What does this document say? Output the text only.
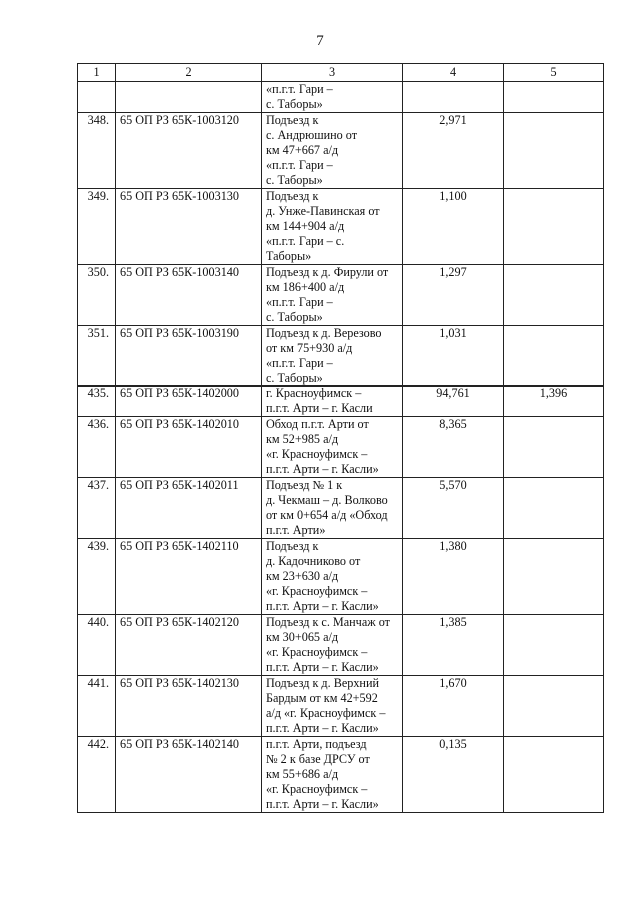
7
1	2	3	4	5

		«п.г.т. Гари –
с. Таборы»		

348.	65 ОП РЗ 65К-1003120	Подъезд к
с. Андрюшино от
км 47+667 а/д
«п.г.т. Гари –
с. Таборы»	2,971	
349.	65 ОП РЗ 65К-1003130	Подъезд к
д. Унже-Павинская от
км 144+904 а/д
«п.г.т. Гари – с.
Таборы»	1,100	
350.	65 ОП РЗ 65К-1003140	Подъезд к д. Фирули от
км 186+400 а/д
«п.г.т. Гари –
с. Таборы»	1,297	
351.	65 ОП РЗ 65К-1003190	Подъезд к д. Верезово
от км 75+930 а/д
«п.г.т. Гари –
с. Таборы»	1,031	
435.	65 ОП РЗ 65К-1402000	г. Красноуфимск –
п.г.т. Арти – г. Касли	94,761	1,396
436.	65 ОП РЗ 65К-1402010	Обход п.г.т. Арти от
км 52+985 а/д
«г. Красноуфимск –
п.г.т. Арти – г. Касли»	8,365	
437.	65 ОП РЗ 65К-1402011	Подъезд № 1 к
д. Чекмаш – д. Волково
от км 0+654 а/д «Обход
п.г.т. Арти»	5,570	
439.	65 ОП РЗ 65К-1402110	Подъезд к
д. Кадочниково от
км 23+630 а/д
«г. Красноуфимск –
п.г.т. Арти – г. Касли»	1,380	
440.	65 ОП РЗ 65К-1402120	Подъезд к с. Манчаж от
км 30+065 а/д
«г. Красноуфимск –
п.г.т. Арти – г. Касли»	1,385	
441.	65 ОП РЗ 65К-1402130	Подъезд к д. Верхний
Бардым от км 42+592
а/д «г. Красноуфимск –
п.г.т. Арти – г. Касли»	1,670	
442.	65 ОП РЗ 65К-1402140	п.г.т. Арти, подъезд
№ 2 к базе ДРСУ от
км 55+686 а/д
«г. Красноуфимск –
п.г.т. Арти – г. Касли»	0,135	
